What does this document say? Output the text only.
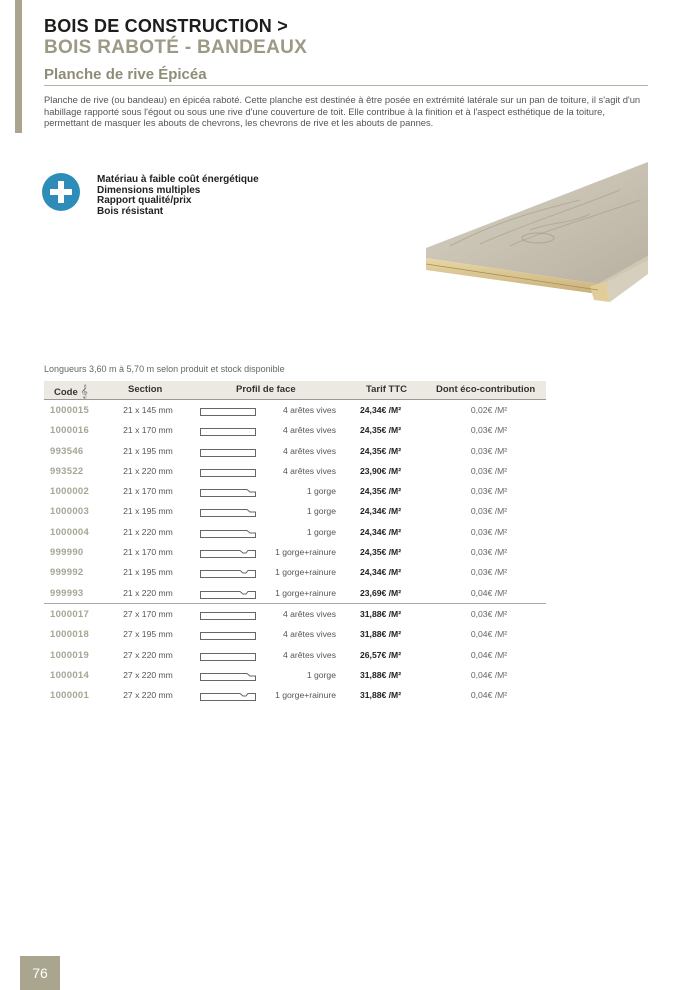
BOIS DE CONSTRUCTION >
BOIS RABOTÉ - BANDEAUX
Planche de rive Épicéa
Planche de rive (ou bandeau) en épicéa raboté. Cette planche est destinée à être posée en extrémité latérale sur un pan de toiture, il s'agit d'un habillage rapporté sous l'égout ou sous une rive d'une couverture de toit. Elle contribue à la finition et à l'aspect esthétique de la toiture, permettant de masquer les abouts de chevrons, les chevrons de rive et les abouts de pannes.
Matériau à faible coût énergétique
Dimensions multiples
Rapport qualité/prix
Bois résistant
Longueurs 3,60 m à 5,70 m selon produit et stock disponible
Code 𝄞	Section	Profil de face	Tarif TTC	Dont éco-contribution
1000015	21 x 145 mm	4 arêtes vives	24,34€ /M²	0,02€ /M²
1000016	21 x 170 mm	4 arêtes vives	24,35€ /M²	0,03€ /M²
993546	21 x 195 mm	4 arêtes vives	24,35€ /M²	0,03€ /M²
993522	21 x 220 mm	4 arêtes vives	23,90€ /M²	0,03€ /M²
1000002	21 x 170 mm	1 gorge	24,35€ /M²	0,03€ /M²
1000003	21 x 195 mm	1 gorge	24,34€ /M²	0,03€ /M²
1000004	21 x 220 mm	1 gorge	24,34€ /M²	0,03€ /M²
999990	21 x 170 mm	1 gorge+rainure	24,35€ /M²	0,03€ /M²
999992	21 x 195 mm	1 gorge+rainure	24,34€ /M²	0,03€ /M²
999993	21 x 220 mm	1 gorge+rainure	23,69€ /M²	0,04€ /M²
1000017	27 x 170 mm	4 arêtes vives	31,88€ /M²	0,03€ /M²
1000018	27 x 195 mm	4 arêtes vives	31,88€ /M²	0,04€ /M²
1000019	27 x 220 mm	4 arêtes vives	26,57€ /M²	0,04€ /M²
1000014	27 x 220 mm	1 gorge	31,88€ /M²	0,04€ /M²
1000001	27 x 220 mm	1 gorge+rainure	31,88€ /M²	0,04€ /M²
76
